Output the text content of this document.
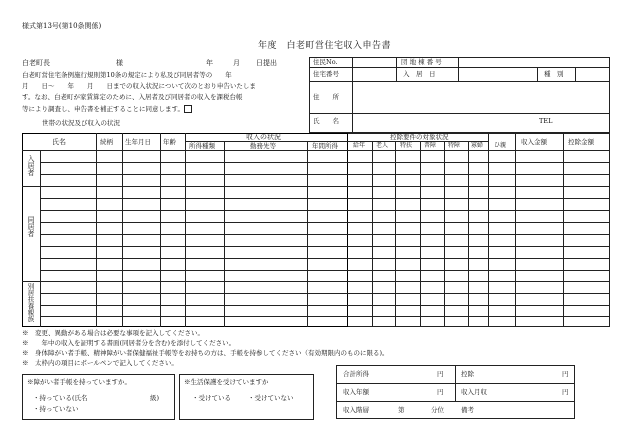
様式第13号(第10条関係)
年度　白老町営住宅収入申告書
白老町長	様	年	月 日提出
白老町営住宅条例施行規則第10条の規定により私及び同居者等の　　年
月　　日～　　年　　月　　日までの収入状況について次のとおり申告いたしま
す。なお、白老町が家賃算定のために、入居者及び同居者の収入を課税台帳
等により調査し、申告書を補正することに同意します。
世帯の状況及び収入の状況
住民No.	団 地 棟 番 号
住宅番号	入　居　日	種　別
住　　所
氏　　名	TEL
氏名	続柄 生年月日 年齢
収入の状況
所得種類	勤務先等	年間所得
控除要件の対象状況
給年 老人 特扶 普障 特障 寡婦 ひ親 収入金額	控除金額
入居者
同居者
別居扶養親族
※　変更、異動がある場合は必要な事項を記入してください。
※　　年中の収入を証明する書面(同居者分を含む)を添付してください。
※　身体障がい者手帳、精神障がい者保健福祉手帳等をお持ちの方は、手帳を持参してください（有効期限内のものに限る)。
※　太枠内の項目にボールペンで記入してください。
※障がい者手帳を持っていますか。
・持っている(氏名	級)
・持っていない
※生活保護を受けていますか
・受けている	・受けていない
合計所得	円	控除	円
収入年額	円	収入月収	円
収入階層	第	分位	備考
